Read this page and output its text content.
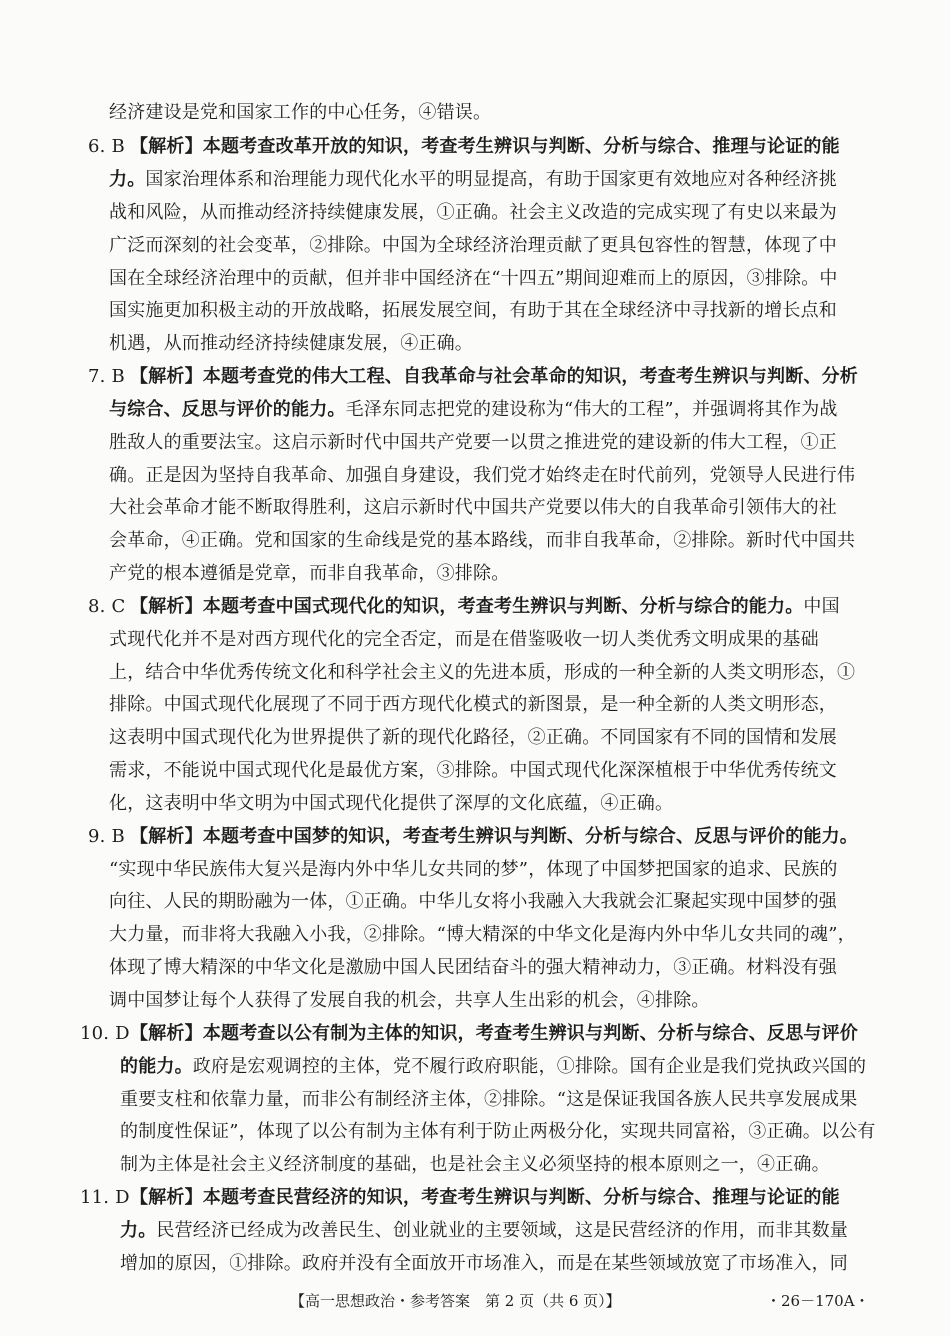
经济建设是党和国家工作的中心任务，④错误。
6. B 【解析】本题考查改革开放的知识，考查考生辨识与判断、分析与综合、推理与论证的能
力。国家治理体系和治理能力现代化水平的明显提高，有助于国家更有效地应对各种经济挑
战和风险，从而推动经济持续健康发展，①正确。社会主义改造的完成实现了有史以来最为
广泛而深刻的社会变革，②排除。中国为全球经济治理贡献了更具包容性的智慧，体现了中
国在全球经济治理中的贡献，但并非中国经济在“十四五”期间迎难而上的原因，③排除。中
国实施更加积极主动的开放战略，拓展发展空间，有助于其在全球经济中寻找新的增长点和
机遇，从而推动经济持续健康发展，④正确。
7. B 【解析】本题考查党的伟大工程、自我革命与社会革命的知识，考查考生辨识与判断、分析
与综合、反思与评价的能力。毛泽东同志把党的建设称为“伟大的工程”，并强调将其作为战
胜敌人的重要法宝。这启示新时代中国共产党要一以贯之推进党的建设新的伟大工程，①正
确。正是因为坚持自我革命、加强自身建设，我们党才始终走在时代前列，党领导人民进行伟
大社会革命才能不断取得胜利，这启示新时代中国共产党要以伟大的自我革命引领伟大的社
会革命，④正确。党和国家的生命线是党的基本路线，而非自我革命，②排除。新时代中国共
产党的根本遵循是党章，而非自我革命，③排除。
8. C 【解析】本题考查中国式现代化的知识，考查考生辨识与判断、分析与综合的能力。中国
式现代化并不是对西方现代化的完全否定，而是在借鉴吸收一切人类优秀文明成果的基础
上，结合中华优秀传统文化和科学社会主义的先进本质，形成的一种全新的人类文明形态，①
排除。中国式现代化展现了不同于西方现代化模式的新图景，是一种全新的人类文明形态，
这表明中国式现代化为世界提供了新的现代化路径，②正确。不同国家有不同的国情和发展
需求，不能说中国式现代化是最优方案，③排除。中国式现代化深深植根于中华优秀传统文
化，这表明中华文明为中国式现代化提供了深厚的文化底蕴，④正确。
9. B 【解析】本题考查中国梦的知识，考查考生辨识与判断、分析与综合、反思与评价的能力。
“实现中华民族伟大复兴是海内外中华儿女共同的梦”，体现了中国梦把国家的追求、民族的
向往、人民的期盼融为一体，①正确。中华儿女将小我融入大我就会汇聚起实现中国梦的强
大力量，而非将大我融入小我，②排除。“博大精深的中华文化是海内外中华儿女共同的魂”，
体现了博大精深的中华文化是激励中国人民团结奋斗的强大精神动力，③正确。材料没有强
调中国梦让每个人获得了发展自我的机会，共享人生出彩的机会，④排除。
10. D【解析】本题考查以公有制为主体的知识，考查考生辨识与判断、分析与综合、反思与评价
的能力。政府是宏观调控的主体，党不履行政府职能，①排除。国有企业是我们党执政兴国的
重要支柱和依靠力量，而非公有制经济主体，②排除。“这是保证我国各族人民共享发展成果
的制度性保证”，体现了以公有制为主体有利于防止两极分化，实现共同富裕，③正确。以公有
制为主体是社会主义经济制度的基础，也是社会主义必须坚持的根本原则之一，④正确。
11. D【解析】本题考查民营经济的知识，考查考生辨识与判断、分析与综合、推理与论证的能
力。民营经济已经成为改善民生、创业就业的主要领域，这是民营经济的作用，而非其数量
增加的原因，①排除。政府并没有全面放开市场准入，而是在某些领域放宽了市场准入，同
【高一思想政治・参考答案　第 2 页（共 6 页）】	・26－170A・
